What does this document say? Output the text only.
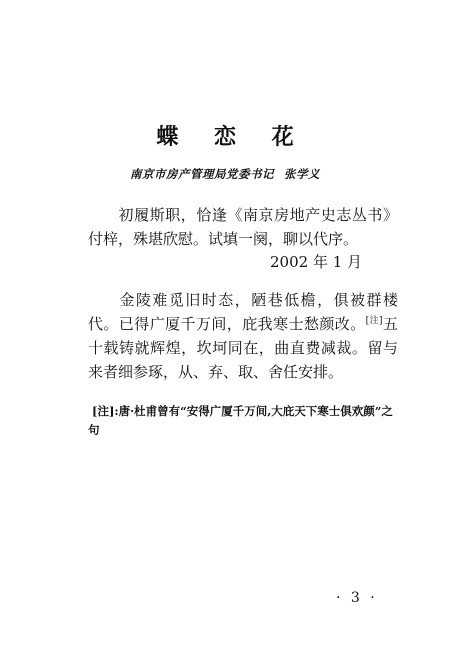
蝶 恋 花
南京市房产管理局党委书记 张学义
初履斯职，恰逢《南京房地产史志丛书》付梓，殊堪欣慰。试填一阕，聊以代序。
2002 年 1 月
金陵难觅旧时态，陋巷低檐，俱被群楼代。已得广厦千万间，庇我寒士愁颜改。[注]五十载铸就辉煌，坎坷同在，曲直费减裁。留与来者细参琢，从、弃、取、舍任安排。
[注]:唐·杜甫曾有“安得广厦千万间,大庇天下寒士俱欢颜”之句
· 3 ·
